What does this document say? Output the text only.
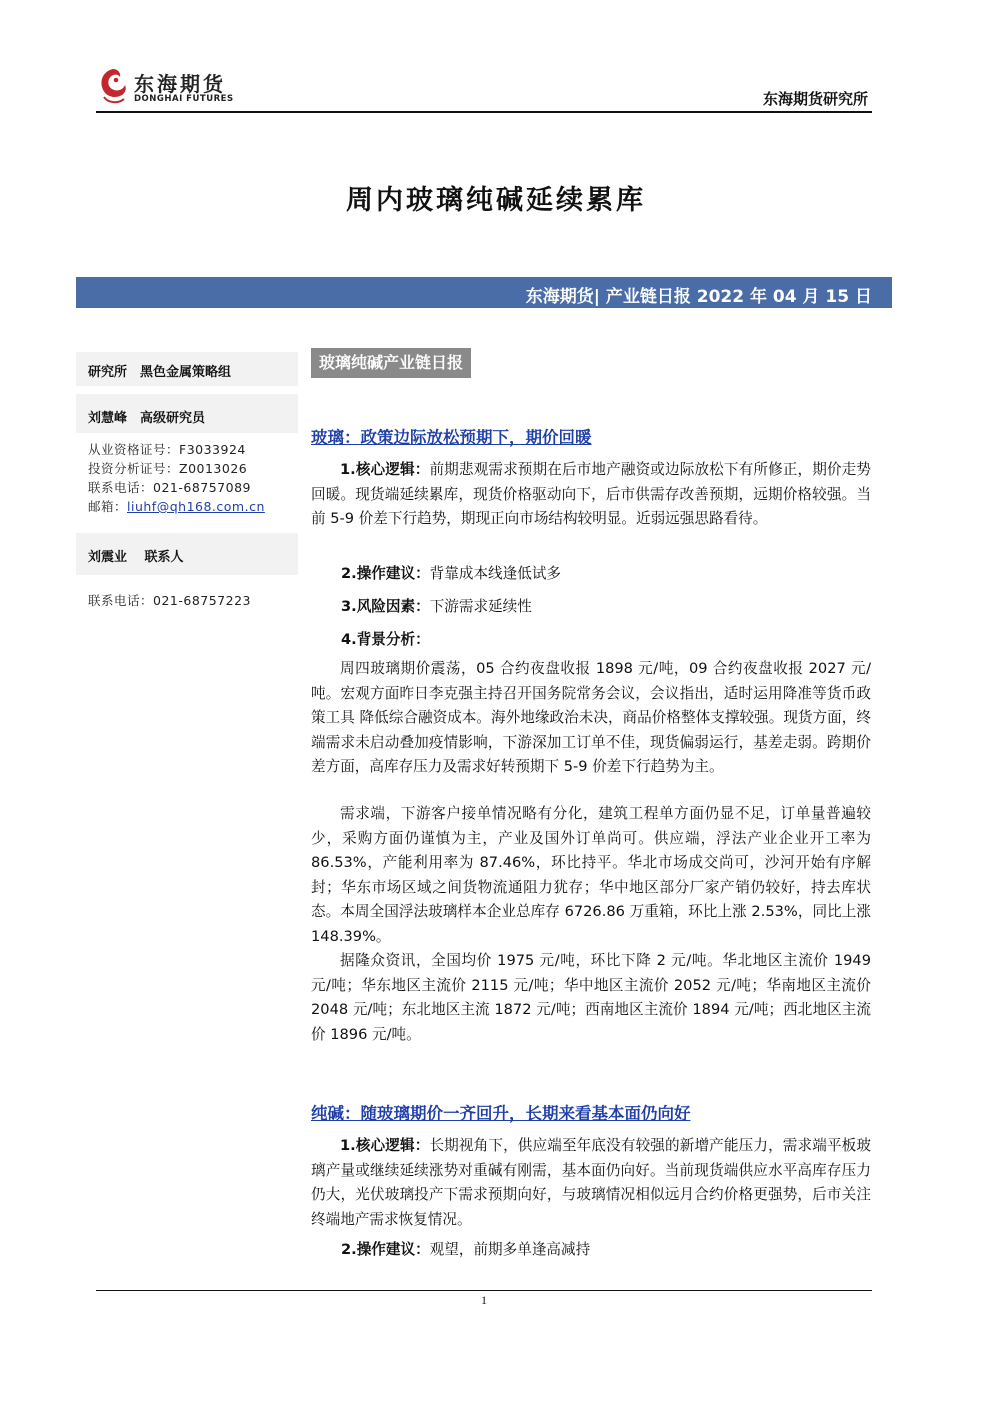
东海期货
DONGHAI FUTURES	东海期货研究所
周内玻璃纯碱延续累库
东海期货| 产业链日报 2022 年 04 月 15 日
研究所　黑色金属策略组
刘慧峰　高级研究员
从业资格证号：F3033924
投资分析证号：Z0013026
联系电话：021-68757089
邮箱：liuhf@qh168.com.cn
刘震业　 联系人
联系电话：021-68757223
玻璃纯碱产业链日报
玻璃：政策边际放松预期下，期价回暖
1.核心逻辑：前期悲观需求预期在后市地产融资或边际放松下有所修正，期价走势回暖。现货端延续累库，现货价格驱动向下，后市供需存改善预期，远期价格较强。当前 5-9 价差下行趋势，期现正向市场结构较明显。近弱远强思路看待。
2.操作建议：背靠成本线逢低试多
3.风险因素：下游需求延续性
4.背景分析：
周四玻璃期价震荡，05 合约夜盘收报 1898 元/吨，09 合约夜盘收报 2027 元/吨。宏观方面昨日李克强主持召开国务院常务会议，会议指出，适时运用降准等货币政策工具 降低综合融资成本。海外地缘政治未决，商品价格整体支撑较强。现货方面，终端需求未启动叠加疫情影响，下游深加工订单不佳，现货偏弱运行，基差走弱。跨期价差方面，高库存压力及需求好转预期下 5-9 价差下行趋势为主。
需求端，下游客户接单情况略有分化，建筑工程单方面仍显不足，订单量普遍较少，采购方面仍谨慎为主，产业及国外订单尚可。供应端，浮法产业企业开工率为 86.53%，产能利用率为 87.46%，环比持平。华北市场成交尚可，沙河开始有序解封；华东市场区域之间货物流通阻力犹存；华中地区部分厂家产销仍较好，持去库状态。本周全国浮法玻璃样本企业总库存 6726.86 万重箱，环比上涨 2.53%，同比上涨 148.39%。
据隆众资讯，全国均价 1975 元/吨，环比下降 2 元/吨。华北地区主流价 1949 元/吨；华东地区主流价 2115 元/吨；华中地区主流价 2052 元/吨；华南地区主流价 2048 元/吨；东北地区主流 1872 元/吨；西南地区主流价 1894 元/吨；西北地区主流价 1896 元/吨。
纯碱：随玻璃期价一齐回升，长期来看基本面仍向好
1.核心逻辑：长期视角下，供应端至年底没有较强的新增产能压力，需求端平板玻璃产量或继续延续涨势对重碱有刚需，基本面仍向好。当前现货端供应水平高库存压力仍大，光伏玻璃投产下需求预期向好，与玻璃情况相似远月合约价格更强势，后市关注终端地产需求恢复情况。
2.操作建议：观望，前期多单逢高减持
1
